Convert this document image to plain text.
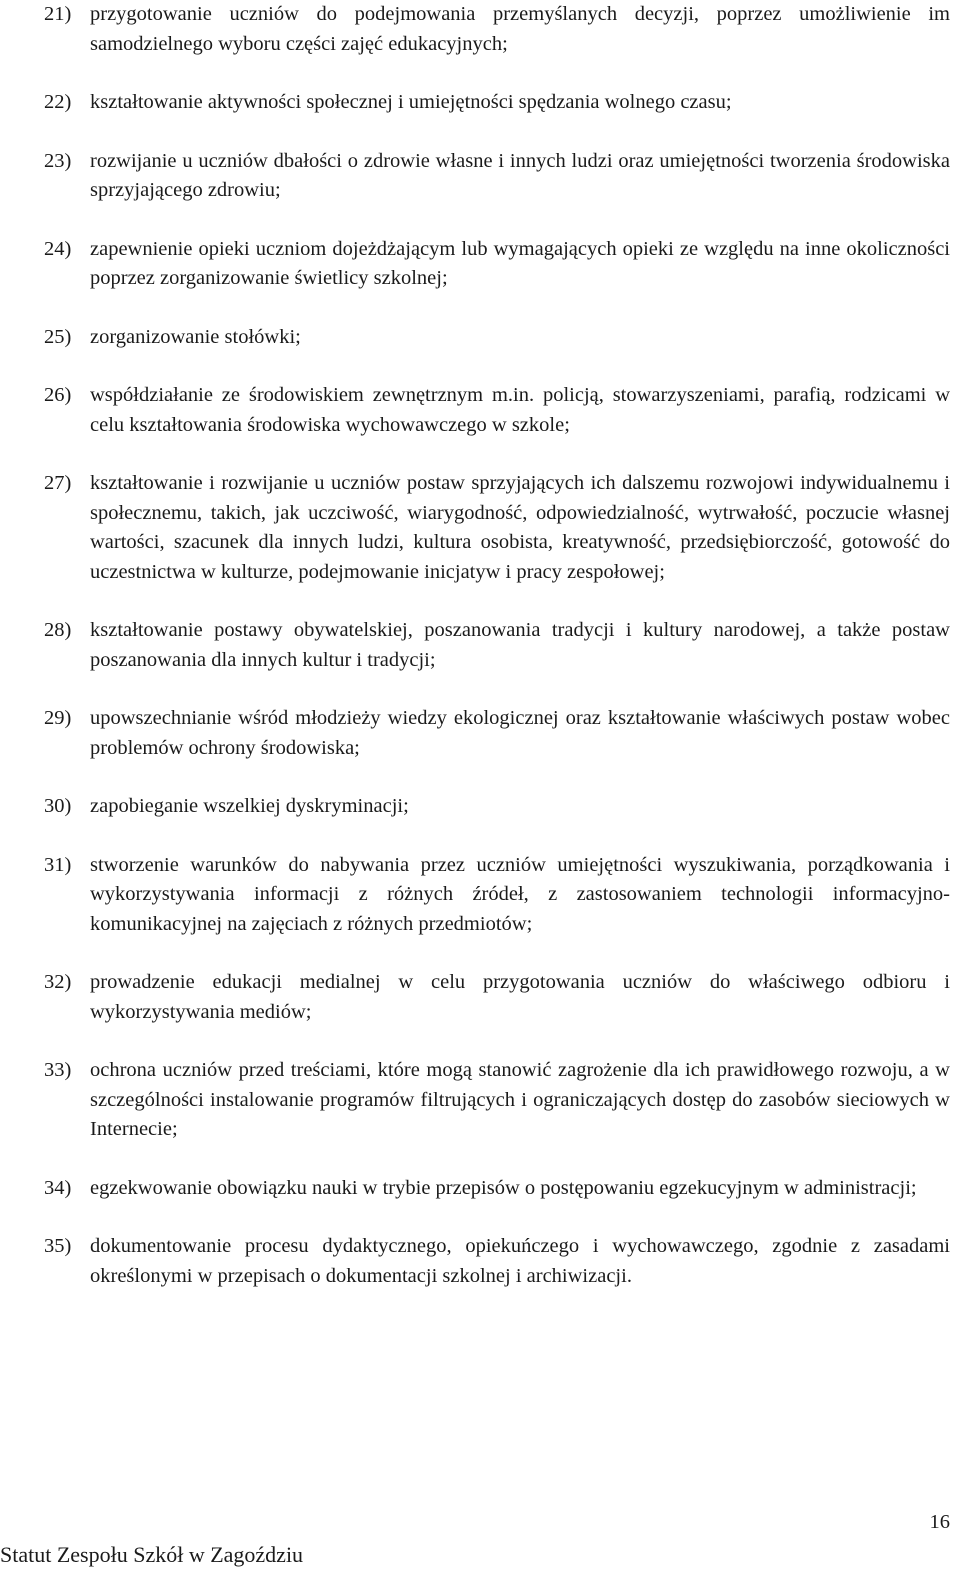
21) przygotowanie uczniów do podejmowania przemyślanych decyzji, poprzez umożliwienie im samodzielnego wyboru części zajęć edukacyjnych;
22) kształtowanie aktywności społecznej i umiejętności spędzania wolnego czasu;
23) rozwijanie u uczniów dbałości o zdrowie własne i innych ludzi oraz umiejętności tworzenia środowiska sprzyjającego zdrowiu;
24) zapewnienie opieki uczniom dojeżdżającym lub wymagających opieki ze względu na inne okoliczności poprzez zorganizowanie świetlicy szkolnej;
25) zorganizowanie stołówki;
26) współdziałanie ze środowiskiem zewnętrznym m.in. policją, stowarzyszeniami, parafią, rodzicami w celu kształtowania środowiska wychowawczego w szkole;
27) kształtowanie i rozwijanie u uczniów postaw sprzyjających ich dalszemu rozwojowi indywidualnemu i społecznemu, takich, jak uczciwość, wiarygodność, odpowiedzialność, wytrwałość, poczucie własnej wartości, szacunek dla innych ludzi, kultura osobista, kreatywność, przedsiębiorczość, gotowość do uczestnictwa w kulturze, podejmowanie inicjatyw i pracy zespołowej;
28) kształtowanie postawy obywatelskiej, poszanowania tradycji i kultury narodowej, a także postaw poszanowania dla innych kultur i tradycji;
29) upowszechnianie wśród młodzieży wiedzy ekologicznej oraz kształtowanie właściwych postaw wobec problemów ochrony środowiska;
30) zapobieganie wszelkiej dyskryminacji;
31) stworzenie warunków do nabywania przez uczniów umiejętności wyszukiwania, porządkowania i wykorzystywania informacji z różnych źródeł, z zastosowaniem technologii informacyjno-komunikacyjnej na zajęciach z różnych przedmiotów;
32) prowadzenie edukacji medialnej w celu przygotowania uczniów do właściwego odbioru i wykorzystywania mediów;
33) ochrona uczniów przed treściami, które mogą stanowić zagrożenie dla ich prawidłowego rozwoju, a w szczególności instalowanie programów filtrujących i ograniczających dostęp do zasobów sieciowych w Internecie;
34) egzekwowanie obowiązku nauki w trybie przepisów o postępowaniu egzekucyjnym w administracji;
35) dokumentowanie procesu dydaktycznego, opiekuńczego i wychowawczego, zgodnie z zasadami określonymi w przepisach o dokumentacji szkolnej i archiwizacji.
16
Statut Zespołu Szkół w Zagoździu
